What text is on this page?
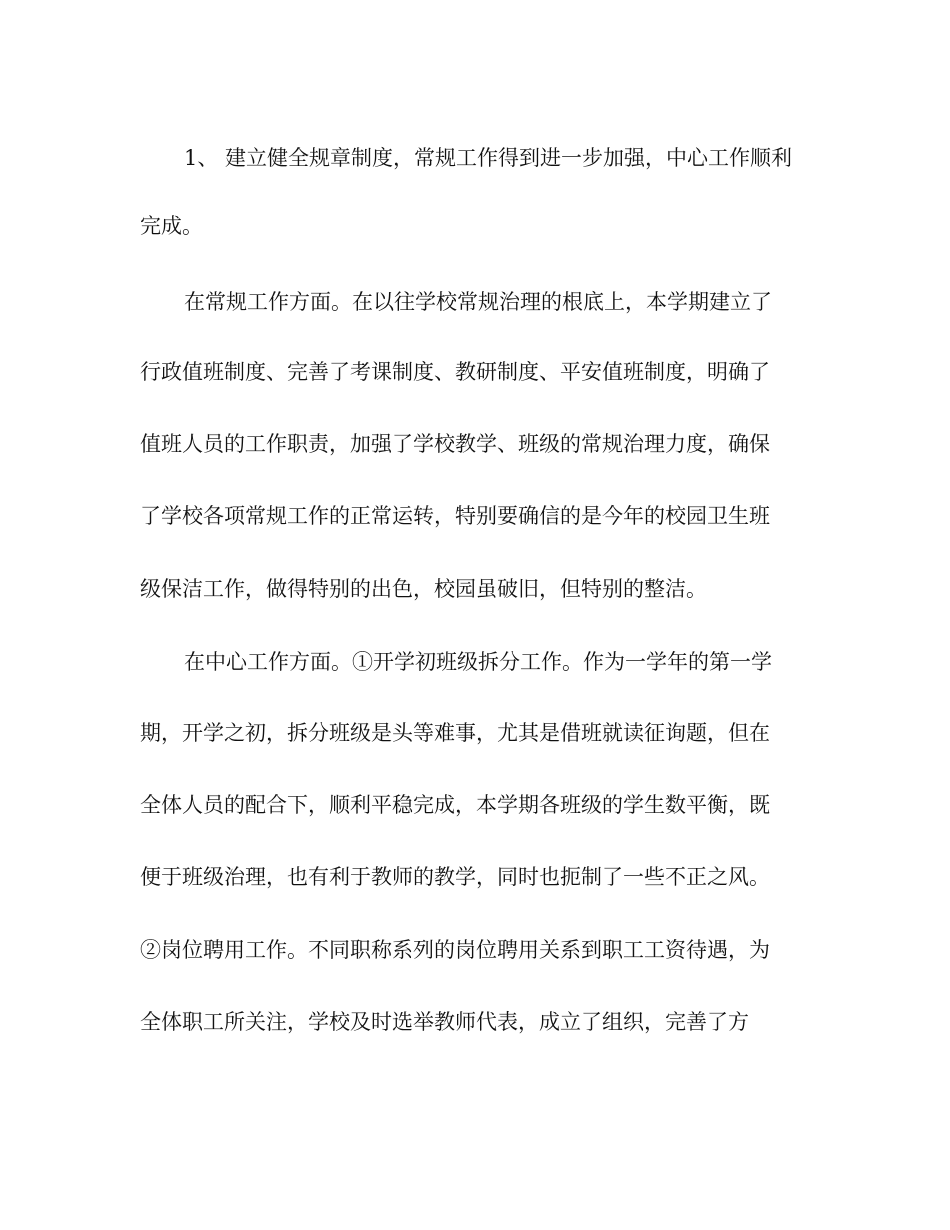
1、 建立健全规章制度，常规工作得到进一步加强，中心工作顺利
完成。
在常规工作方面。在以往学校常规治理的根底上，本学期建立了
行政值班制度、完善了考课制度、教研制度、平安值班制度，明确了
值班人员的工作职责，加强了学校教学、班级的常规治理力度，确保
了学校各项常规工作的正常运转，特别要确信的是今年的校园卫生班
级保洁工作，做得特别的出色，校园虽破旧，但特别的整洁。
在中心工作方面。①开学初班级拆分工作。作为一学年的第一学
期，开学之初，拆分班级是头等难事，尤其是借班就读征询题，但在
全体人员的配合下，顺利平稳完成，本学期各班级的学生数平衡，既
便于班级治理，也有利于教师的教学，同时也扼制了一些不正之风。
②岗位聘用工作。不同职称系列的岗位聘用关系到职工工资待遇，为
全体职工所关注，学校及时选举教师代表，成立了组织，完善了方
